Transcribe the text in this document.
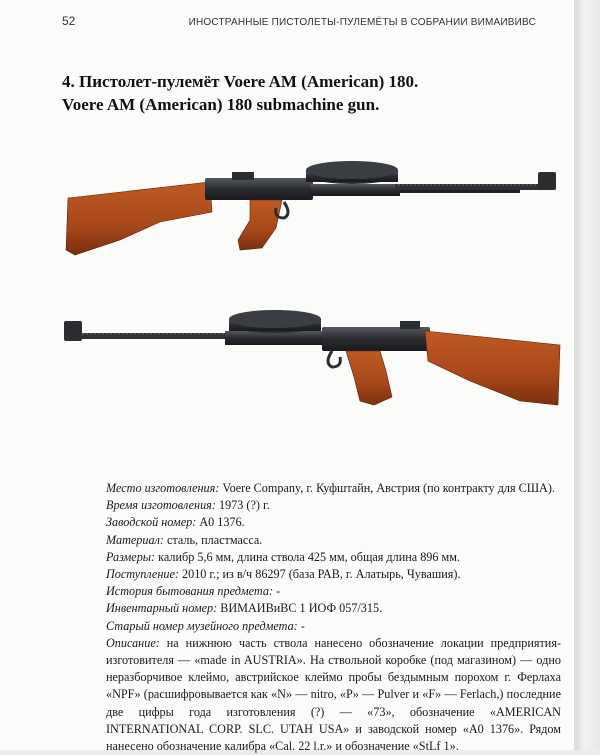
52	ИНОСТРАННЫЕ ПИСТОЛЕТЫ-ПУЛЕМЁТЫ В СОБРАНИИ ВИМАИВИВС
4. Пистолет-пулемёт Voere AM (American) 180.
Voere AM (American) 180 submachine gun.

Место изготовления: Voere Company, г. Куфштайн, Австрия (по контракту для США).

Время изготовления: 1973 (?) г.

Заводской номер: А0 1376.

Материал: сталь, пластмасса.

Размеры: калибр 5,6 мм, длина ствола 425 мм, общая длина 896 мм.

Поступление: 2010 г.; из в/ч 86297 (база РАВ, г. Алатырь, Чувашия).

История бытования предмета: -

Инвентарный номер: ВИМАИВиВС 1 ИОФ 057/315.

Старый номер музейного предмета: -

Описание: на нижнюю часть ствола нанесено обозначение локации предприятия-изготовителя — «made in AUSTRIA». На ствольной коробке (под магазином) — одно неразборчивое клеймо, австрийское клеймо пробы бездымным порохом г. Ферлаха «NPF» (расшифровывается как «N» — nitro, «P» — Pulver и «F» — Ferlach,) последние две цифры года изготовления (?) — «73», обозначение «AMERICAN INTERNATIONAL CORP. SLC. UTAH USA» и заводской номер «А0 1376». Рядом нанесено обозначение калибра «Cal. 22 l.r.» и обозначение «StLf 1».
